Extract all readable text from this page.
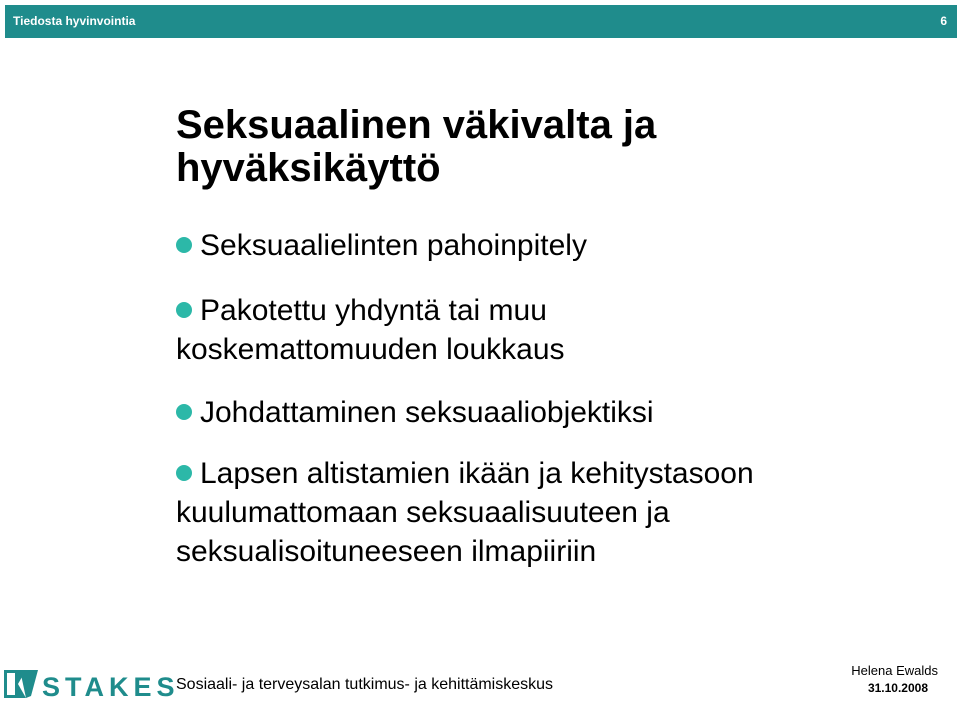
Tiedosta hyvinvointia	6
Seksuaalinen väkivalta ja
hyväksikäyttö
Seksuaalielinten pahoinpitely
Pakotettu yhdyntä tai muu
koskemattomuuden loukkaus
Johdattaminen seksuaaliobjektiksi
Lapsen altistamien ikään ja kehitystasoon
kuulumattomaan seksuaalisuuteen ja
seksualisoituneeseen ilmapiiriin
STAKES
Sosiaali- ja terveysalan tutkimus- ja kehittämiskeskus
Helena Ewalds
31.10.2008
